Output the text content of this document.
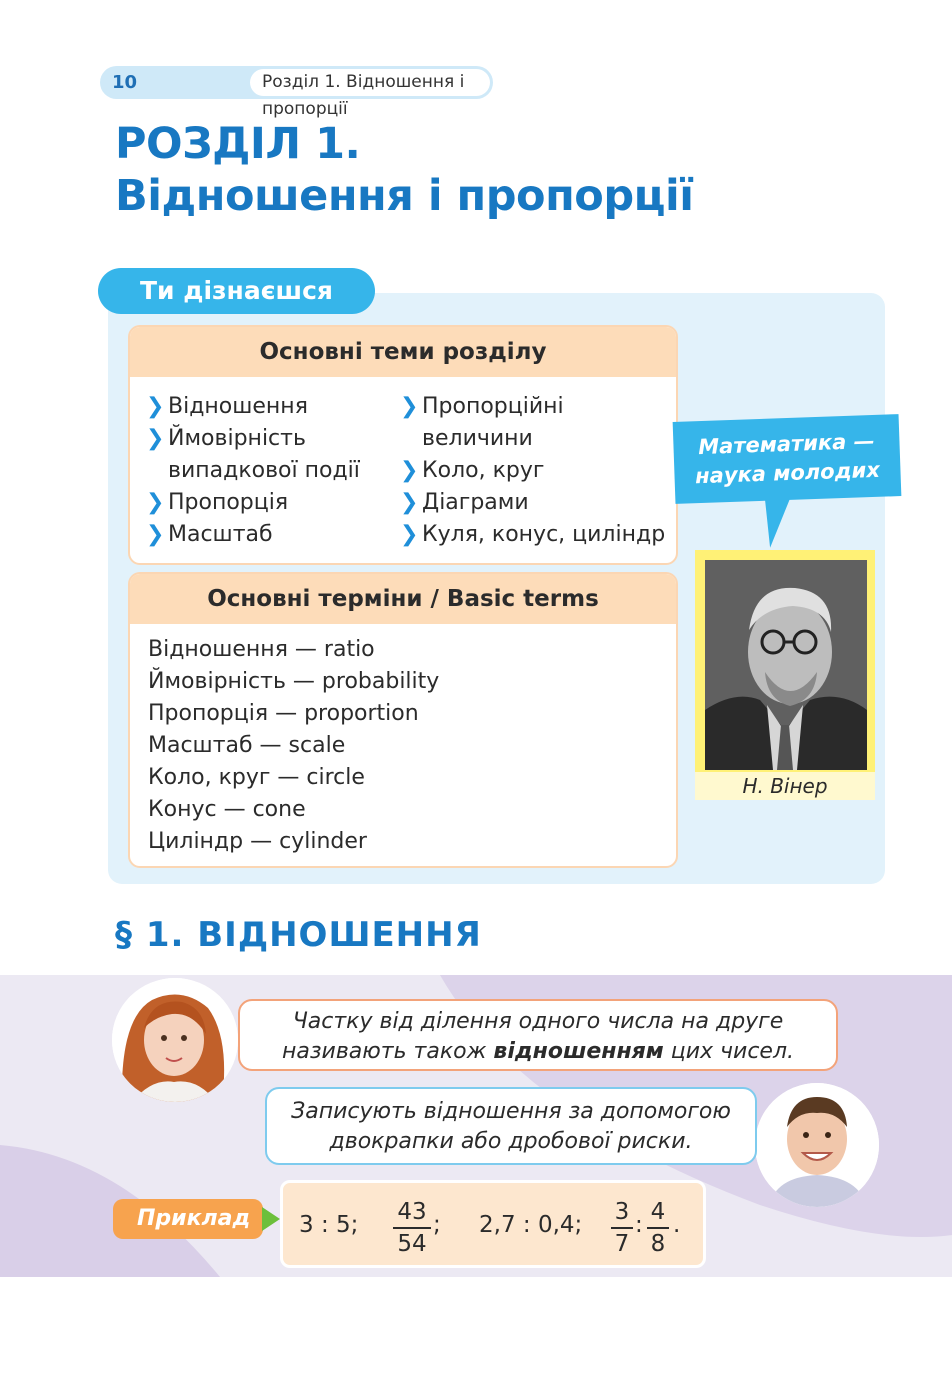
10	Розділ 1. Відношення і пропорції
РОЗДІЛ 1.
Відношення і пропорції
Ти дізнаєшся
Основні теми розділу
❯ Відношення
❯ Ймовірність випадкової події
❯ Пропорція
❯ Масштаб
❯ Пропорційні величини
❯ Коло, круг
❯ Діаграми
❯ Куля, конус, циліндр
Основні терміни / Basic terms
Відношення — ratio
Ймовірність — probability
Пропорція — proportion
Масштаб — scale
Коло, круг — circle
Конус — cone
Циліндр — cylinder
Математика —
наука молодих
Н. Вінер
§ 1. ВІДНОШЕННЯ
Частку від ділення одного числа на друге
називають також відношенням цих чисел.
Записують відношення за допомогою
двокрапки або дробової риски.
Приклад	3 : 5; $\frac{43}{54}$ ; 2,7 : 0,4; $\frac{3}{7}$ : $\frac{4}{8}$ .
